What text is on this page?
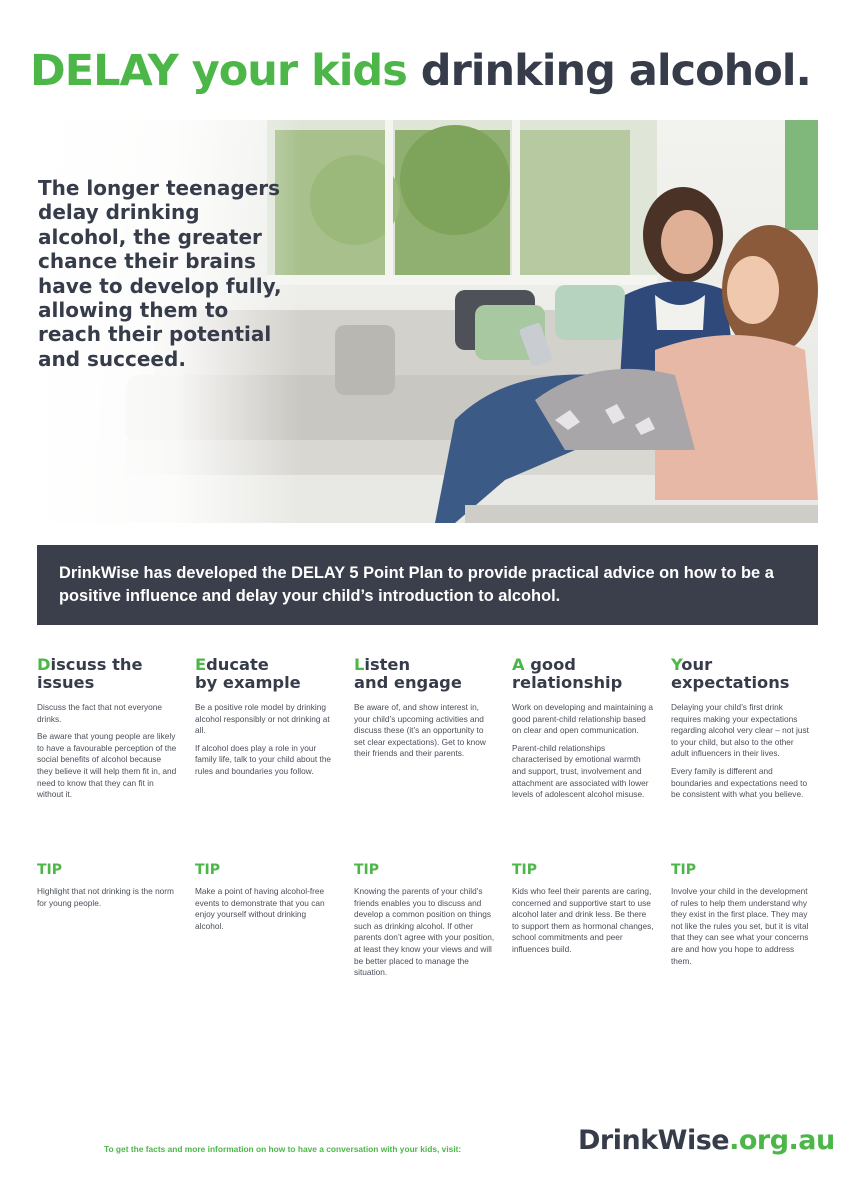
DELAY your kids drinking alcohol.
The longer teenagers delay drinking alcohol, the greater chance their brains have to develop fully, allowing them to reach their potential and succeed.
DrinkWise has developed the DELAY 5 Point Plan to provide practical advice on how to be a positive influence and delay your child’s introduction to alcohol.
Discuss the
issues

Discuss the fact that not everyone drinks.

Be aware that young people are likely to have a favourable perception of the social benefits of alcohol because they believe it will help them fit in, and need to know that they can fit in without it.

Educate
by example

Be a positive role model by drinking alcohol responsibly or not drinking at all.

If alcohol does play a role in your family life, talk to your child about the rules and boundaries you follow.

Listen
and engage

Be aware of, and show interest in, your child’s upcoming activities and discuss these (it’s an opportunity to set clear expectations). Get to know their friends and their parents.

A good
relationship

Work on developing and maintaining a good parent-child relationship based on clear and open communication.

Parent-child relationships characterised by emotional warmth and support, trust, involvement and attachment are associated with lower levels of adolescent alcohol misuse.

Your
expectations

Delaying your child’s first drink requires making your expectations regarding alcohol very clear – not just to your child, but also to the other adult influencers in their lives.

Every family is different and boundaries and expectations need to be consistent with what you believe.

TIP

Highlight that not drinking is the norm for young people.

TIP

Make a point of having alcohol-free events to demonstrate that you can enjoy yourself without drinking alcohol.

TIP

Knowing the parents of your child’s friends enables you to discuss and develop a common position on things such as drinking alcohol. If other parents don’t agree with your position, at least they know your views and will be better placed to manage the situation.

TIP

Kids who feel their parents are caring, concerned and supportive start to use alcohol later and drink less. Be there to support them as hormonal changes, school commitments and peer influences build.

TIP

Involve your child in the development of rules to help them understand why they exist in the first place. They may not like the rules you set, but it is vital that they can see what your concerns are and how you hope to address them.

To get the facts and more information on how to have a conversation with your kids, visit:	DrinkWise.org.au
